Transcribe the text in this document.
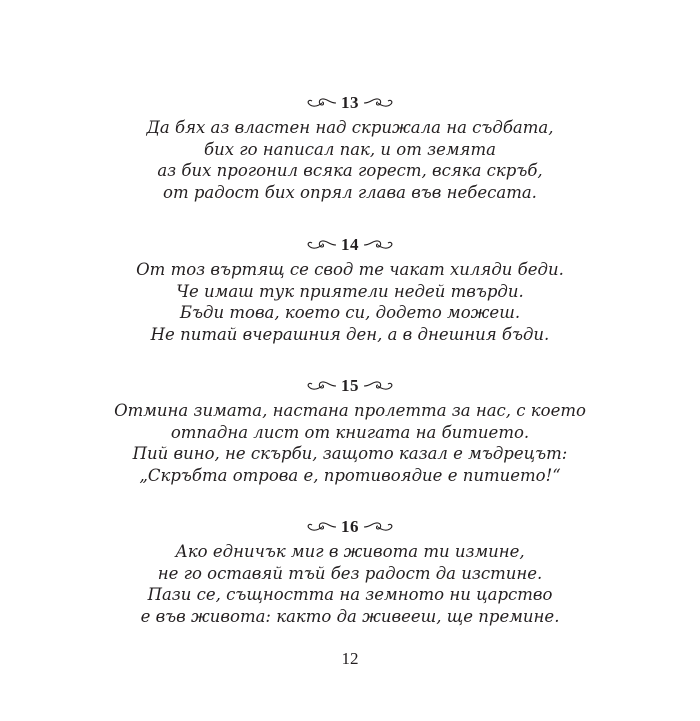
13
Да бях аз властен над скрижала на съдбата,
бих го написал пак, и от земята
аз бих прогонил всяка горест, всяка скръб,
от радост бих опрял глава във небесата.
14
От тоз въртящ се свод те чакат хиляди беди.
Че имаш тук приятели недей твърди.
Бъди това, което си, додето можеш.
Не питай вчерашния ден, а в днешния бъди.
15
Отмина зимата, настана пролетта за нас, с което
отпадна лист от книгата на битието.
Пий вино, не скърби, защото казал е мъдрецът:
„Скръбта отрова е, противоядие е питието!“
16
Ако едничък миг в живота ти измине,
не го оставяй тъй без радост да изстине.
Пази се, същността на земното ни царство
е във живота: както да живееш, ще премине.
12
